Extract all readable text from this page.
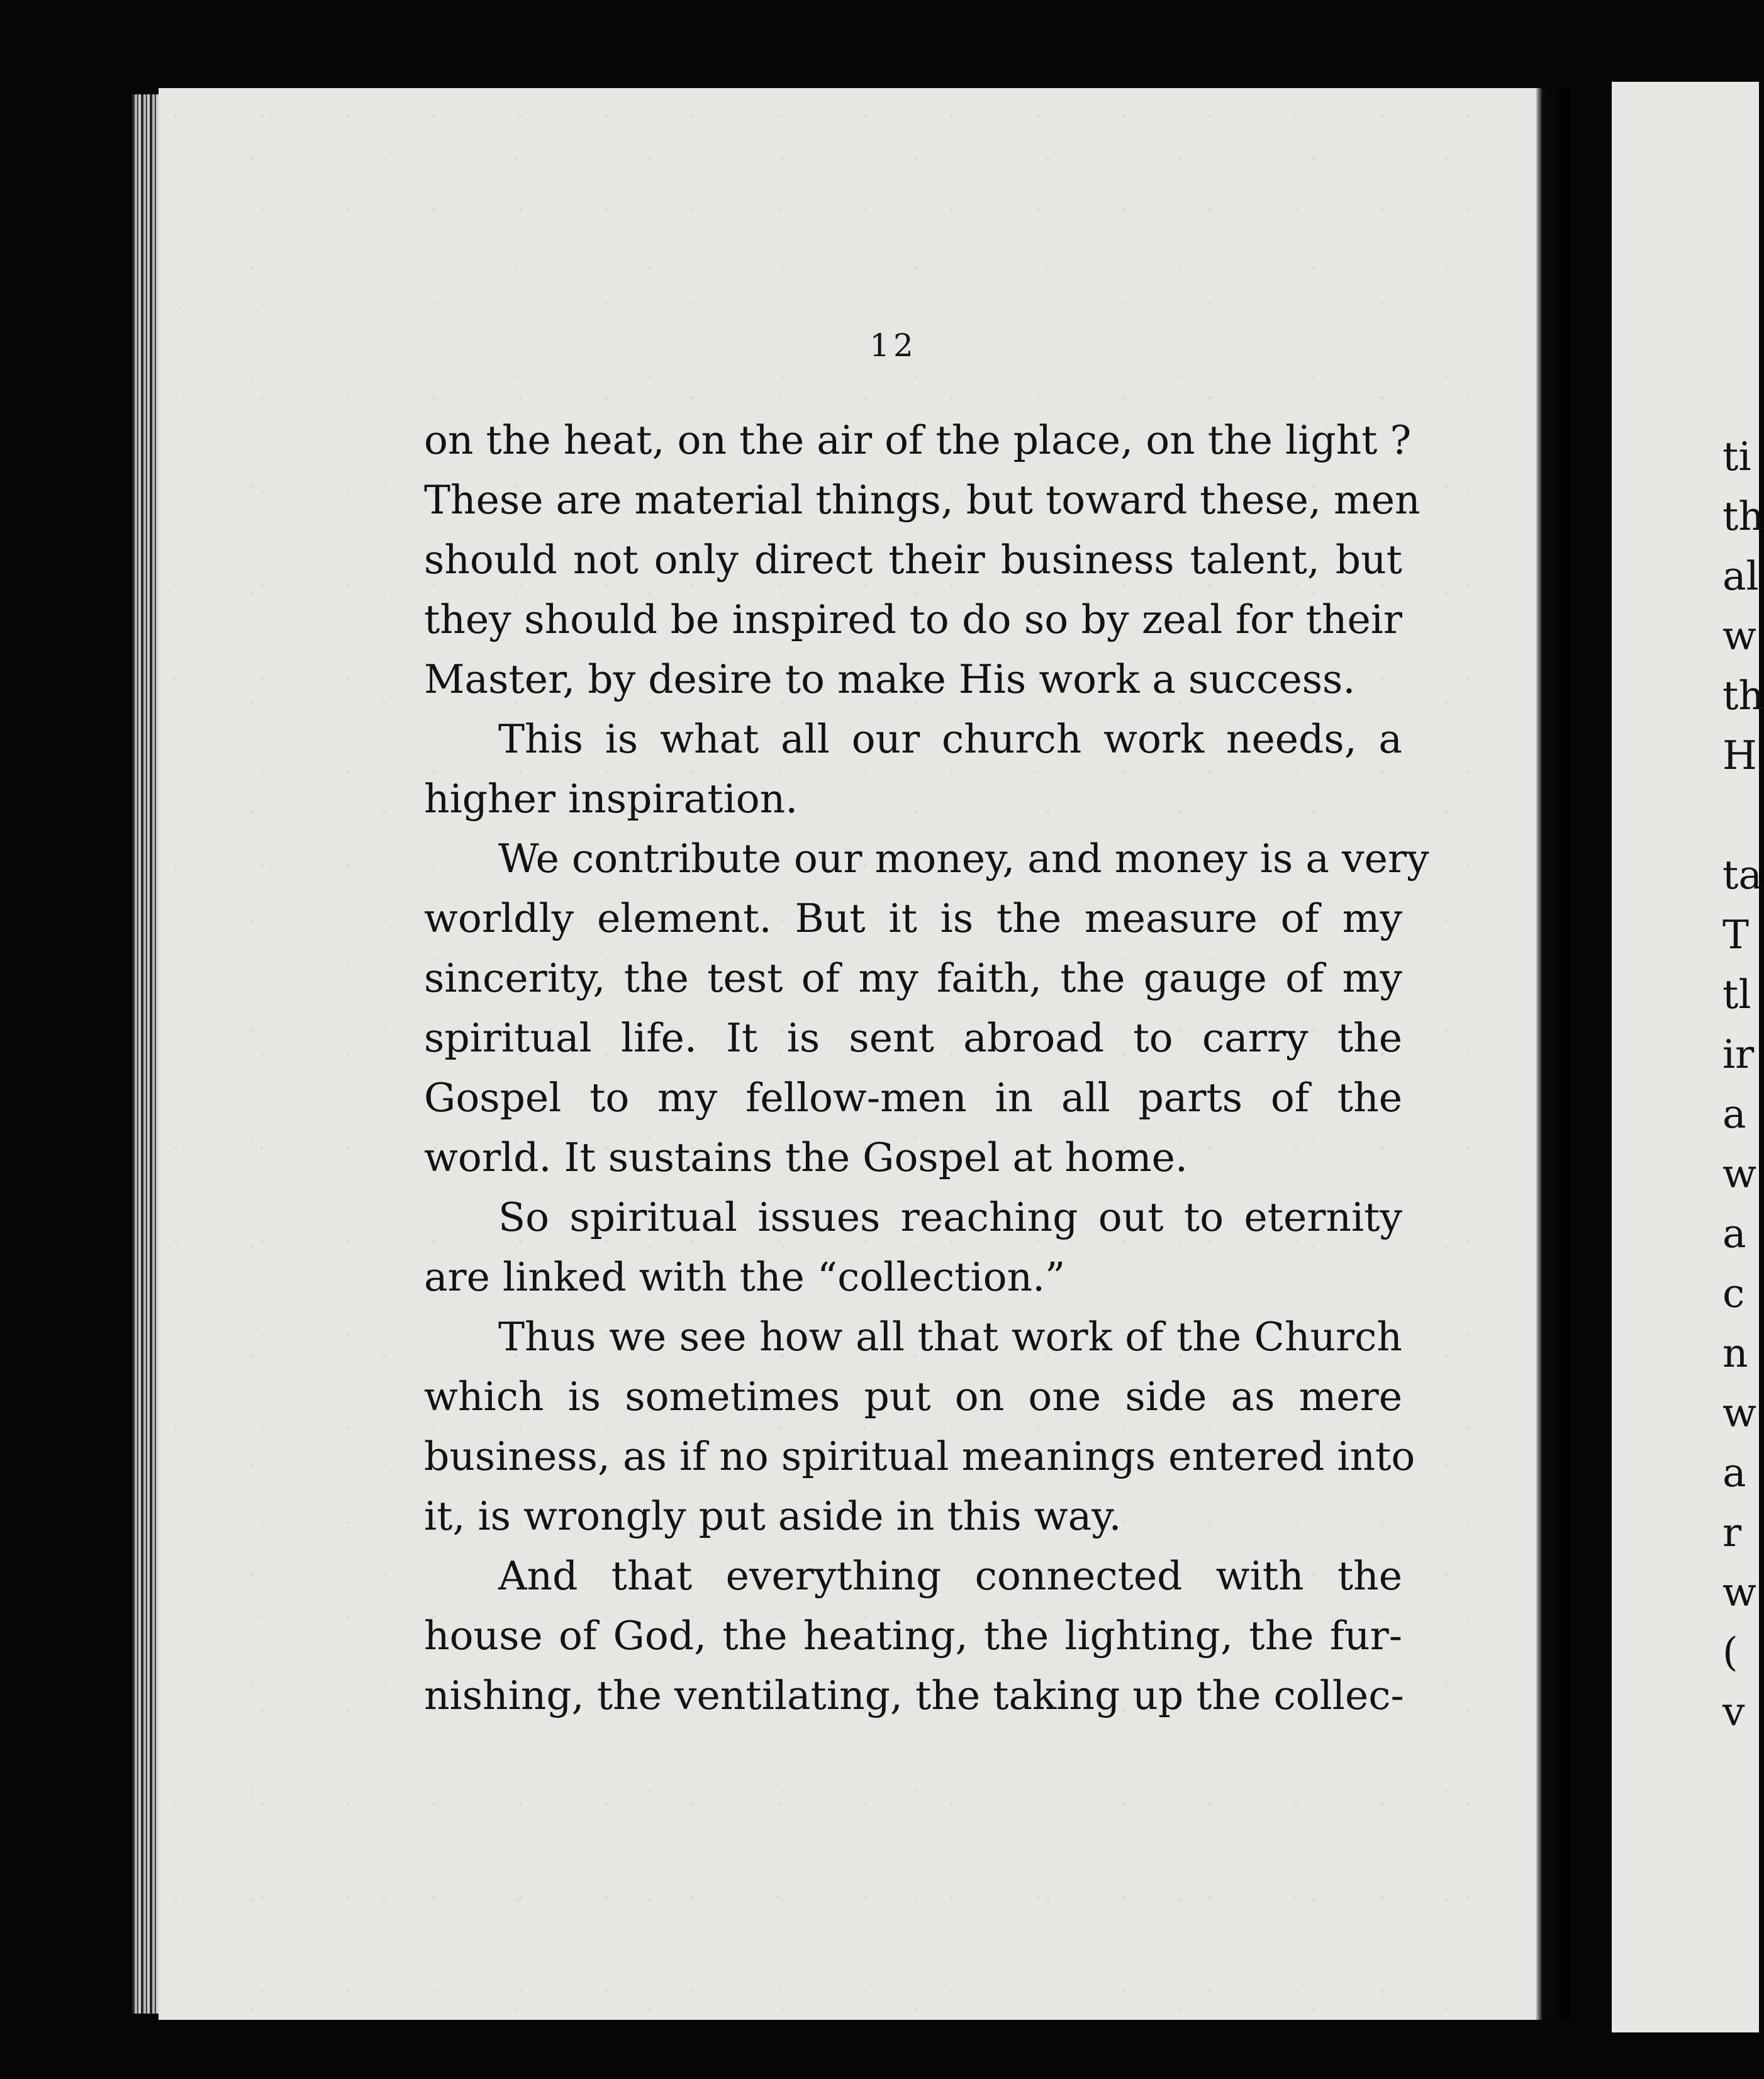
12
on the heat, on the air of the place, on the light ?
These are material things, but toward these, men
should not only direct their business talent, but
they should be inspired to do so by zeal for their
Master, by desire to make His work a success.
This is what all our church work needs, a
higher inspiration.
We contribute our money, and money is a very
worldly element. But it is the measure of my
sincerity, the test of my faith, the gauge of my
spiritual life. It is sent abroad to carry the
Gospel to my fellow-men in all parts of the
world. It sustains the Gospel at home.
So spiritual issues reaching out to eternity
are linked with the “collection.”
Thus we see how all that work of the Church
which is sometimes put on one side as mere
business, as if no spiritual meanings entered into
it, is wrongly put aside in this way.
And that everything connected with the
house of God, the heating, the lighting, the fur-
nishing, the ventilating, the taking up the collec-
ti
th
al
w
th
H
ta
T
tl
ir
a
w
a
c
n
w
a
r
w
(
v
